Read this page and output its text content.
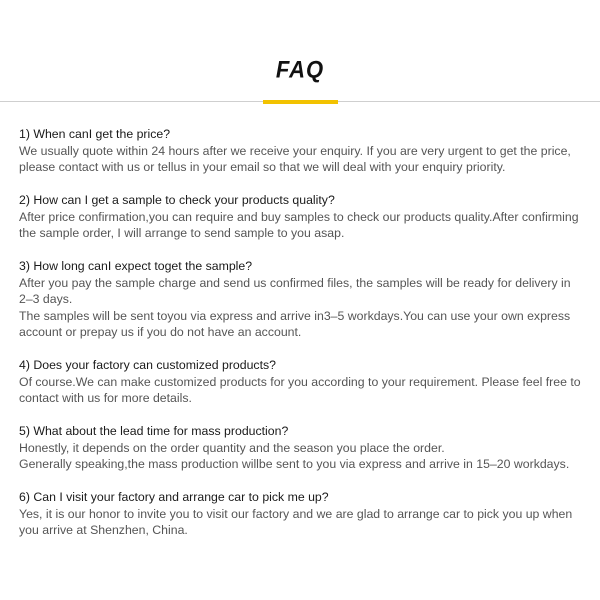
FAQ
1) When canI get the price?
We usually quote within 24 hours after we receive your enquiry. If you are very urgent to get the price, please contact with us or tellus in your email so that we will deal with your enquiry priority.
2) How can I get a sample to check your products quality?
After price confirmation,you can require and buy samples to check our products quality.After confirming the sample order, I will arrange to send sample to you asap.
3) How long canI expect toget the sample?
After you pay the sample charge and send us confirmed files, the samples will be ready for delivery in 2–3 days.
The samples will be sent toyou via express and arrive in3–5 workdays.You can use your own express account or prepay us if you do not have an account.
4) Does your factory can customized products?
Of course.We can make customized products for you according to your requirement. Please feel free to contact with us for more details.
5) What about the lead time for mass production?
Honestly, it depends on the order quantity and the season you place the order.
Generally speaking,the mass production willbe sent to you via express and arrive in 15–20 workdays.
6) Can I visit your factory and arrange car to pick me up?
Yes, it is our honor to invite you to visit our factory and we are glad to arrange car to pick you up when you arrive at Shenzhen, China.
